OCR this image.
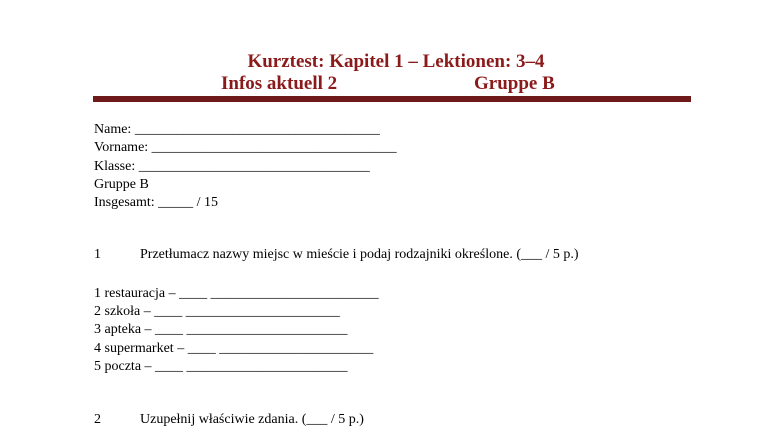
Kurztest: Kapitel 1 – Lektionen: 3–4
Infos aktuell 2	Gruppe B
Name: ___________________________________
Vorname: ___________________________________
Klasse: _________________________________
Gruppe B
Insgesamt: _____ / 15
1	Przetłumacz nazwy miejsc w mieście i podaj rodzajniki określone. (___ / 5 p.)
1 restauracja – ____ ________________________
2 szkoła – ____ ______________________
3 apteka – ____ _______________________
4 supermarket – ____ ______________________
5 poczta – ____ _______________________
2	Uzupełnij właściwie zdania. (___ / 5 p.)
